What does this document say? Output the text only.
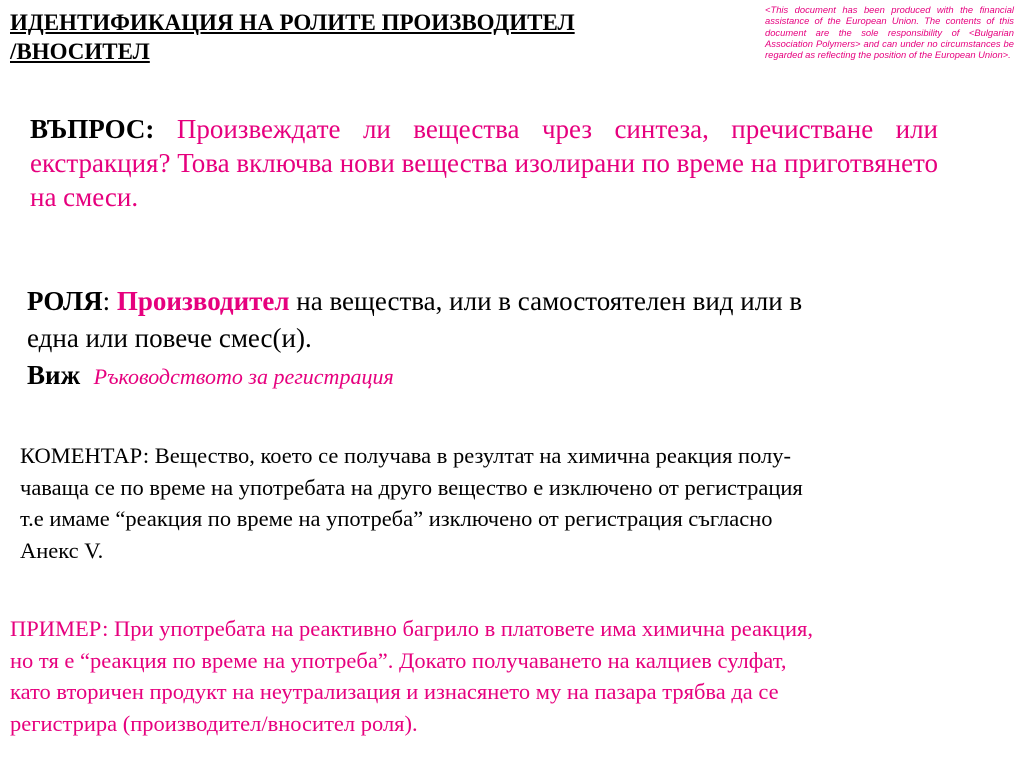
ИДЕНТИФИКАЦИЯ НА РОЛИТЕ ПРОИЗВОДИТЕЛ
/ВНОСИТЕЛ

<This document has been produced with the financial assistance of the European Union. The contents of this document are the sole responsibility of <Bulgarian Association Polymers> and can under no circumstances be regarded as reflecting the position of the European Union>.

ВЪПРОС: Произвеждате ли вещества чрез синтеза, пречистване или екстракция? Това включва нови вещества изолирани по време на приготвянето на смеси.

РОЛЯ: Производител на вещества, или в самостоятелен вид или в
една или повече смес(и).
Виж Ръководството за регистрация

КОМЕНТАР: Вещество, което се получава в резултат на химична реакция полу-
чаваща се по време на употребата на друго вещество е изключено от регистрация
т.е имаме “реакция по време на употреба” изключено от регистрация съгласно
Анекс V.

ПРИМЕР: При употребата на реактивно багрило в платовете има химична реакция,
но тя е “реакция по време на употреба”. Докато получаването на калциев сулфат,
като вторичен продукт на неутрализация и изнасянето му на пазара трябва да се
регистрира (производител/вносител роля).
